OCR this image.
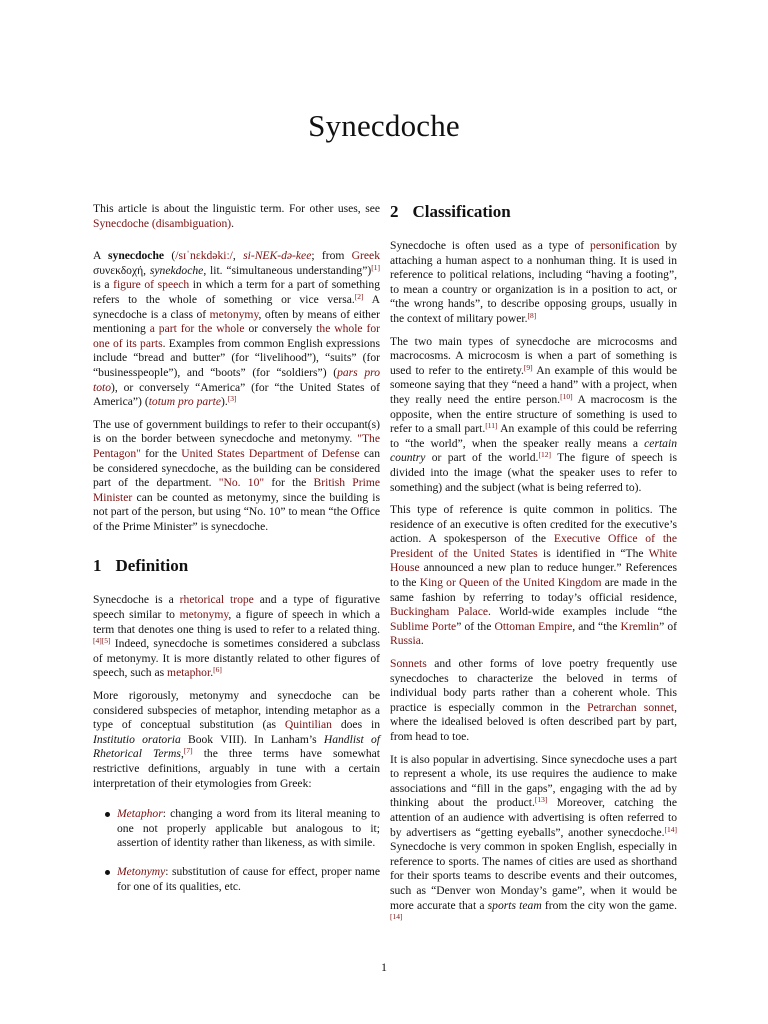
Synecdoche

This article is about the linguistic term. For other uses, see Synecdoche (disambiguation).

A synecdoche (/sɪˈnɛkdəkiː/, si-NEK-də-kee; from Greek συνεκδοχή, synekdoche, lit. “simultaneous understanding”)[1] is a figure of speech in which a term for a part of something refers to the whole of something or vice versa.[2] A synecdoche is a class of metonymy, often by means of either mentioning a part for the whole or conversely the whole for one of its parts. Examples from common English expressions include “bread and butter” (for “livelihood”), “suits” (for “businesspeople”), and “boots” (for “soldiers”) (pars pro toto), or conversely “America” (for “the United States of America”) (totum pro parte).[3]

The use of government buildings to refer to their occupant(s) is on the border between synecdoche and metonymy. "The Pentagon" for the United States Department of Defense can be considered synecdoche, as the building can be considered part of the department. "No. 10" for the British Prime Minister can be counted as metonymy, since the building is not part of the person, but using “No. 10” to mean “the Office of the Prime Minister” is synecdoche.

1 Definition

Synecdoche is a rhetorical trope and a type of figurative speech similar to metonymy, a figure of speech in which a term that denotes one thing is used to refer to a related thing.[4][5] Indeed, synecdoche is sometimes considered a subclass of metonymy. It is more distantly related to other figures of speech, such as metaphor.[6]

More rigorously, metonymy and synecdoche can be considered subspecies of metaphor, intending metaphor as a type of conceptual substitution (as Quintilian does in Institutio oratoria Book VIII). In Lanham’s Handlist of Rhetorical Terms,[7] the three terms have somewhat restrictive definitions, arguably in tune with a certain interpretation of their etymologies from Greek:

Metaphor: changing a word from its literal meaning to one not properly applicable but analogous to it; assertion of identity rather than likeness, as with simile.

Metonymy: substitution of cause for effect, proper name for one of its qualities, etc.

2 Classification

Synecdoche is often used as a type of personification by attaching a human aspect to a nonhuman thing. It is used in reference to political relations, including “having a footing”, to mean a country or organization is in a position to act, or “the wrong hands”, to describe opposing groups, usually in the context of military power.[8]

The two main types of synecdoche are microcosms and macrocosms. A microcosm is when a part of something is used to refer to the entirety.[9] An example of this would be someone saying that they “need a hand” with a project, when they really need the entire person.[10] A macrocosm is the opposite, when the entire structure of something is used to refer to a small part.[11] An example of this could be referring to “the world”, when the speaker really means a certain country or part of the world.[12] The figure of speech is divided into the image (what the speaker uses to refer to something) and the subject (what is being referred to).

This type of reference is quite common in politics. The residence of an executive is often credited for the executive’s action. A spokesperson of the Executive Office of the President of the United States is identified in “The White House announced a new plan to reduce hunger.” References to the King or Queen of the United Kingdom are made in the same fashion by referring to today’s official residence, Buckingham Palace. World-wide examples include “the Sublime Porte” of the Ottoman Empire, and “the Kremlin” of Russia.

Sonnets and other forms of love poetry frequently use synecdoches to characterize the beloved in terms of individual body parts rather than a coherent whole. This practice is especially common in the Petrarchan sonnet, where the idealised beloved is often described part by part, from head to toe.

It is also popular in advertising. Since synecdoche uses a part to represent a whole, its use requires the audience to make associations and “fill in the gaps”, engaging with the ad by thinking about the product.[13] Moreover, catching the attention of an audience with advertising is often referred to by advertisers as “getting eyeballs”, another synecdoche.[14] Synecdoche is very common in spoken English, especially in reference to sports. The names of cities are used as shorthand for their sports teams to describe events and their outcomes, such as “Denver won Monday’s game”, when it would be more accurate that a sports team from the city won the game.[14]

1
